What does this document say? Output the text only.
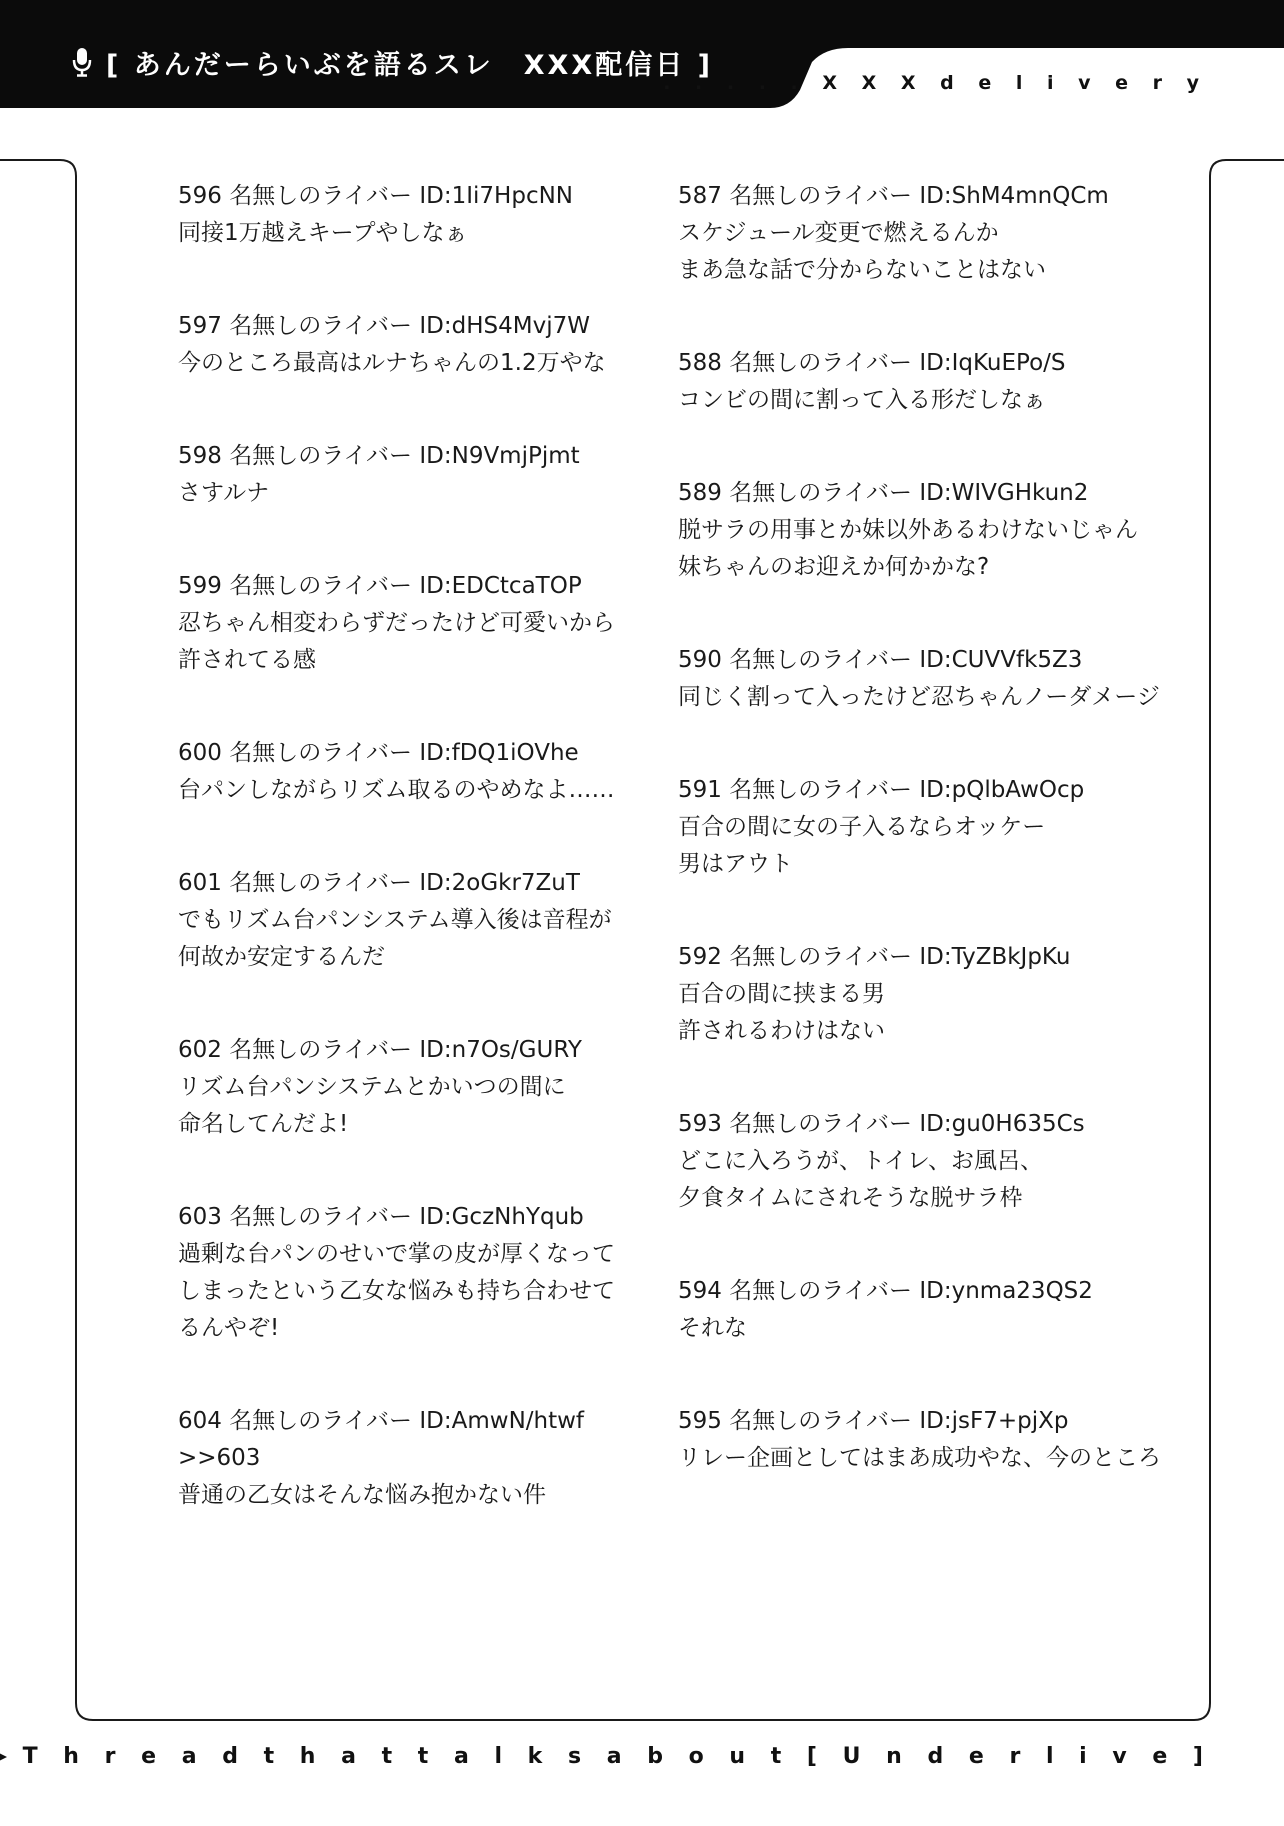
[ あんだーらいぶを語るスレ　XXX配信日 ]
. . . . . X X X d e l i v e r y
596 名無しのライバー ID:1Ii7HpcNN
同接1万越えキープやしなぁ
597 名無しのライバー ID:dHS4Mvj7W
今のところ最高はルナちゃんの1.2万やな
598 名無しのライバー ID:N9VmjPjmt
さすルナ
599 名無しのライバー ID:EDCtcaTOP
忍ちゃん相変わらずだったけど可愛いから
許されてる感
600 名無しのライバー ID:fDQ1iOVhe
台パンしながらリズム取るのやめなよ……
601 名無しのライバー ID:2oGkr7ZuT
でもリズム台パンシステム導入後は音程が
何故か安定するんだ
602 名無しのライバー ID:n7Os/GURY
リズム台パンシステムとかいつの間に
命名してんだよ!
603 名無しのライバー ID:GczNhYqub
過剰な台パンのせいで掌の皮が厚くなって
しまったという乙女な悩みも持ち合わせて
るんやぞ!
604 名無しのライバー ID:AmwN/htwf
>>603
普通の乙女はそんな悩み抱かない件
587 名無しのライバー ID:ShM4mnQCm
スケジュール変更で燃えるんか
まあ急な話で分からないことはない
588 名無しのライバー ID:IqKuEPo/S
コンビの間に割って入る形だしなぁ
589 名無しのライバー ID:WIVGHkun2
脱サラの用事とか妹以外あるわけないじゃん
妹ちゃんのお迎えか何かかな?
590 名無しのライバー ID:CUVVfk5Z3
同じく割って入ったけど忍ちゃんノーダメージ
591 名無しのライバー ID:pQlbAwOcp
百合の間に女の子入るならオッケー
男はアウト
592 名無しのライバー ID:TyZBkJpKu
百合の間に挟まる男
許されるわけはない
593 名無しのライバー ID:gu0H635Cs
どこに入ろうが、トイレ、お風呂、
夕食タイムにされそうな脱サラ枠
594 名無しのライバー ID:ynma23QS2
それな
595 名無しのライバー ID:jsF7+pjXp
リレー企画としてはまあ成功やな、今のところ
T h r e a d t h a t t a l k s a b o u t [ U n d e r l i v e ]
